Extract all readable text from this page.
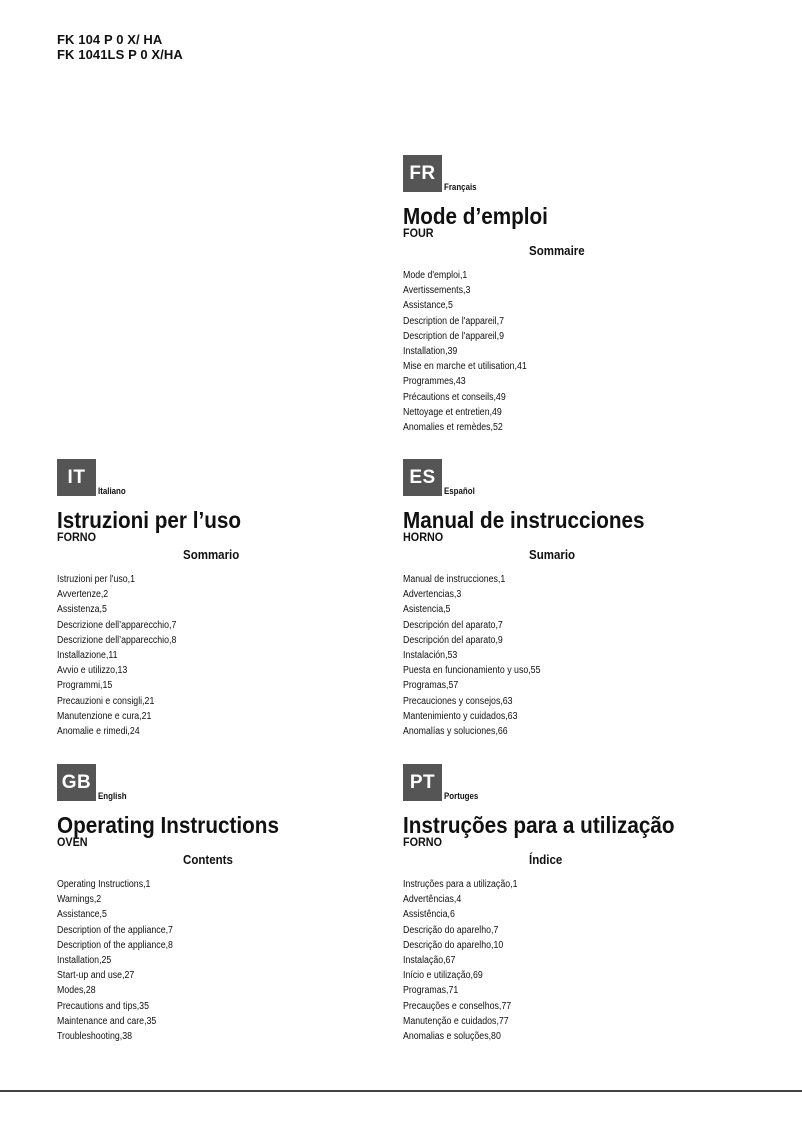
FK 104 P 0 X/ HA
FK 1041LS P 0 X/HA
FR
Français
Mode d’emploi
FOUR
Sommaire
Mode d'emploi,1
Avertissements,3
Assistance,5
Description de l'appareil,7
Description de l'appareil,9
Installation,39
Mise en marche et utilisation,41
Programmes,43
Précautions et conseils,49
Nettoyage et entretien,49
Anomalies et remèdes,52
IT
Italiano
Istruzioni per l’uso
FORNO
Sommario
Istruzioni per l'uso,1
Avvertenze,2
Assistenza,5
Descrizione dell’apparecchio,7
Descrizione dell’apparecchio,8
Installazione,11
Avvio e utilizzo,13
Programmi,15
Precauzioni e consigli,21
Manutenzione e cura,21
Anomalie e rimedi,24
ES
Español
Manual de instrucciones
HORNO
Sumario
Manual de instrucciones,1
Advertencias,3
Asistencia,5
Descripción del aparato,7
Descripción del aparato,9
Instalación,53
Puesta en funcionamiento y uso,55
Programas,57
Precauciones y consejos,63
Mantenimiento y cuidados,63
Anomalías y soluciones,66
GB
English
Operating Instructions
OVEN
Contents
Operating Instructions,1
Warnings,2
Assistance,5
Description of the appliance,7
Description of the appliance,8
Installation,25
Start-up and use,27
Modes,28
Precautions and tips,35
Maintenance and care,35
Troubleshooting,38
PT
Portuges
Instruções para a utilização
FORNO
Índice
Instruções para a utilização,1
Advertências,4
Assistência,6
Descrição do aparelho,7
Descrição do aparelho,10
Instalação,67
Início e utilização,69
Programas,71
Precauções e conselhos,77
Manutenção e cuidados,77
Anomalias e soluções,80
